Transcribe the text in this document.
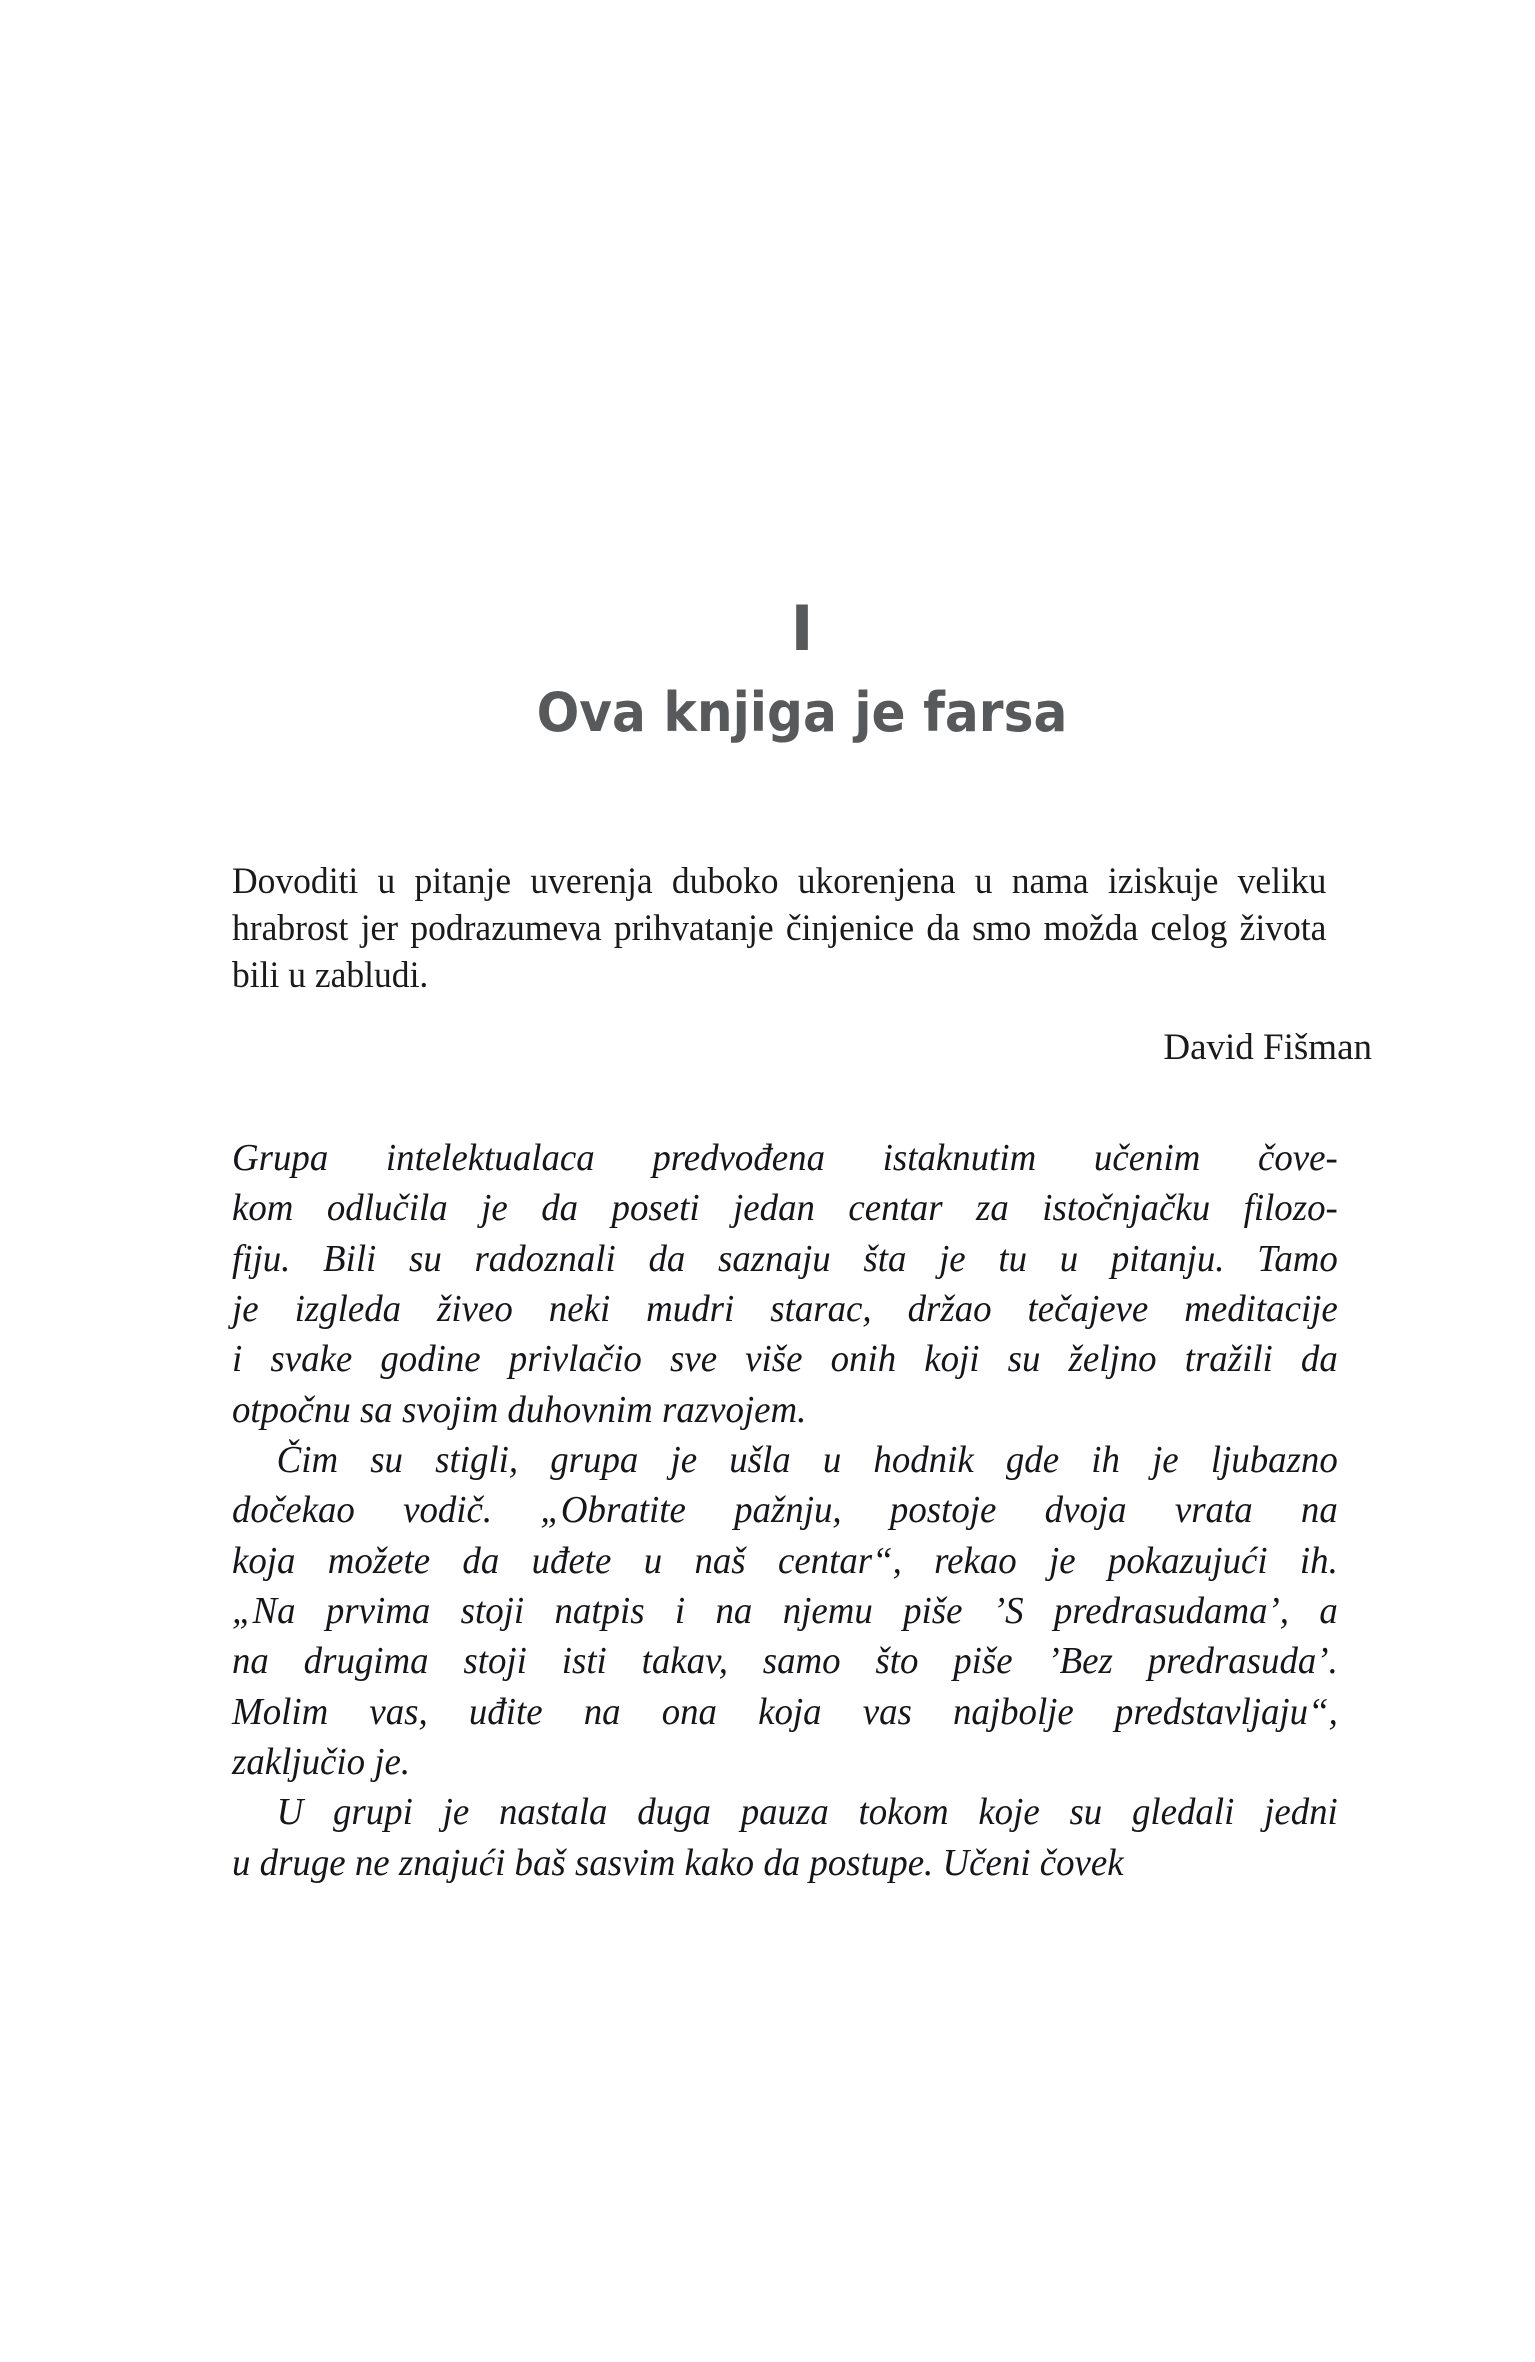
I
Ova knjiga je farsa
Dovoditi u pitanje uverenja duboko ukorenjena u nama iziskuje veliku hrabrost jer podrazumeva prihvatanje činjenice da smo možda celog života bili u zabludi.
David Fišman

Grupa intelektualaca predvođena istaknutim učenim čove-
kom odlučila je da poseti jedan centar za istočnjačku filozo-
fiju. Bili su radoznali da saznaju šta je tu u pitanju. Tamo
je izgleda živeo neki mudri starac, držao tečajeve meditacije
i svake godine privlačio sve više onih koji su željno tražili da
otpočnu sa svojim duhovnim razvojem.

Čim su stigli, grupa je ušla u hodnik gde ih je ljubazno
dočekao vodič. „Obratite pažnju, postoje dvoja vrata na
koja možete da uđete u naš centar“, rekao je pokazujući ih.
„Na prvima stoji natpis i na njemu piše ’S predrasudama’, a
na drugima stoji isti takav, samo što piše ’Bez predrasuda’.
Molim vas, uđite na ona koja vas najbolje predstavljaju“,
zaključio je.

U grupi je nastala duga pauza tokom koje su gledali jedni
u druge ne znajući baš sasvim kako da postupe. Učeni čovek
